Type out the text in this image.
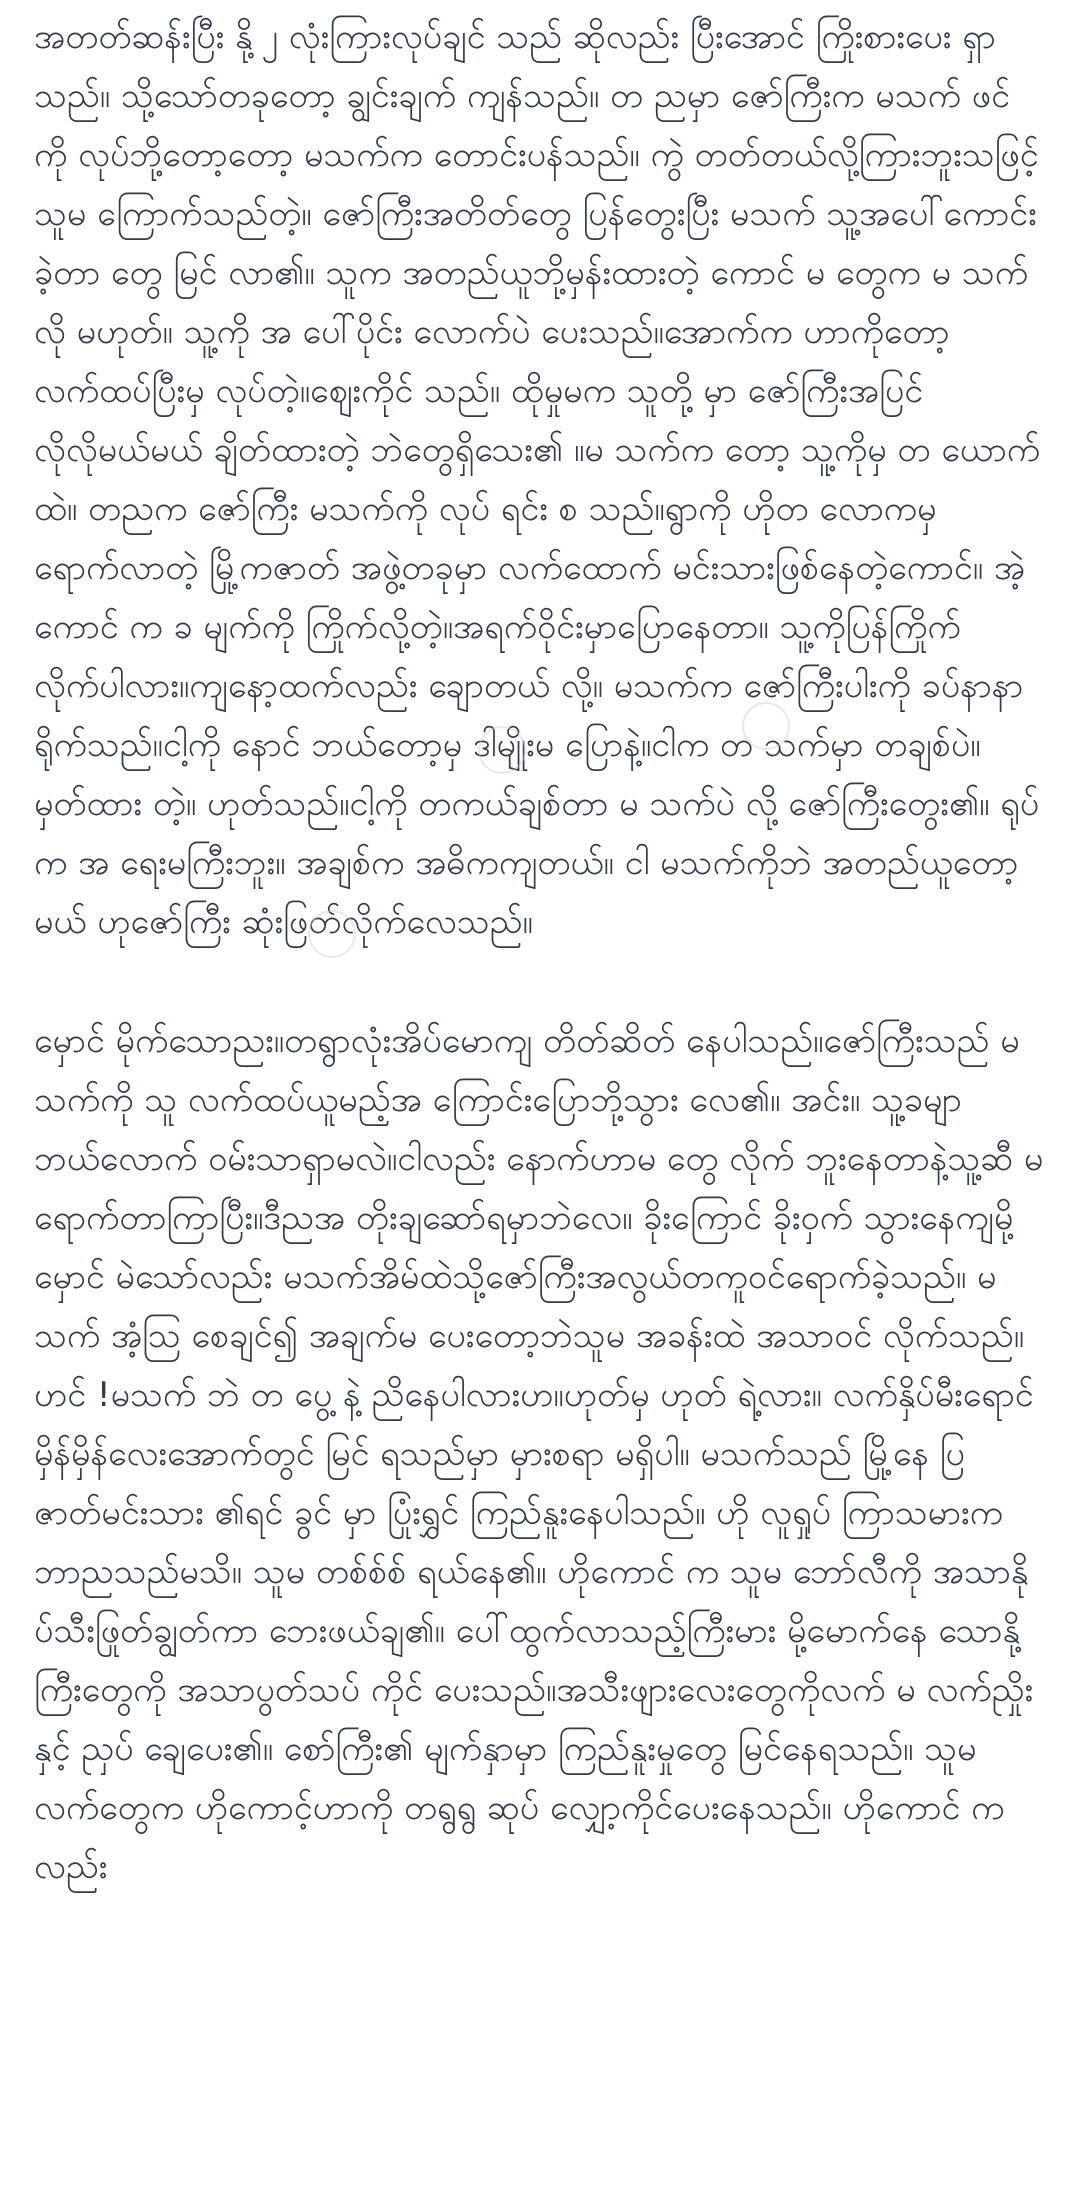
အတတ်ဆန်းပြီး နို့၂ လုံးကြားလုပ်ချင် သည် ဆိုလည်း ပြီးအောင် ကြိုးစားပေး ရှာ သည်။ သို့သော်တခုတော့ ချွင်းချက် ကျန်သည်။ တ ညမှာ ဇော်ကြီးက မသက် ဖင် ကို လုပ်ဘို့တော့တော့ မသက်က တောင်းပန်သည်။ ကွဲ တတ်တယ်လို့ကြားဘူးသဖြင့်သူမ ကြောက်သည်တဲ့။ ဇော်ကြီးအတိတ်တွေ ပြန်တွေးပြီး မသက် သူ့အပေါ်ကောင်းခဲ့တာ တွေ မြင် လာ၏။ သူက အတည်ယူဘို့မှန်းထားတဲ့ ကောင် မ တွေက မ သက်လို မဟုတ်။ သူ့ကို အ ပေါ်ပိုင်း လောက်ပဲ ပေးသည်။အောက်က ဟာကိုတော့ လက်ထပ်ပြီးမှ လုပ်တဲ့။ဈေးကိုင် သည်။ ထိုမှုမက သူတို့ မှာ ဇော်ကြီးအပြင် လိုလိုမယ်မယ် ချိတ်ထားတဲ့ ဘဲတွေရှိသေး၏ ။မ သက်က တော့ သူ့ကိုမှ တ ယောက်ထဲ။ တညက ဇော်ကြီး မသက်ကို လုပ် ရင်း စ သည်။ရွာကို ဟိုတ လောကမှ ရောက်လာတဲ့ မြို့ကဇာတ် အဖွဲ့တခုမှာ လက်ထောက် မင်းသားဖြစ်နေတဲ့ကောင်။ အဲ့ကောင် က ခ မျက်ကို ကြိုက်လို့တဲ့။အရက်ဝိုင်းမှာပြောနေတာ။ သူ့ကိုပြန်ကြိုက်လိုက်ပါလား။ကျနော့ထက်လည်း ချောတယ် လို့။ မသက်က ဇော်ကြီးပါးကို ခပ်နာနာ ရိုက်သည်။ငါ့ကို နောင် ဘယ်တော့မှ ဒါမျိုးမ ပြောနဲ့။ငါက တ သက်မှာ တချစ်ပဲ။ မှတ်ထား တဲ့။ ဟုတ်သည်။ငါ့ကို တကယ်ချစ်တာ မ သက်ပဲ လို့ ဇော်ကြီးတွေး၏။ ရုပ်က အ ရေးမကြီးဘူး။ အချစ်က အဓိကကျတယ်။ ငါ မသက်ကိုဘဲ အတည်ယူတော့မယ် ဟုဇော်ကြီး ဆုံးဖြတ်လိုက်လေသည်။

မှောင် မိုက်သောညး။တရွာလုံးအိပ်မောကျ တိတ်ဆိတ် နေပါသည်။ဇော်ကြီးသည် မသက်ကို သူ လက်ထပ်ယူမည့်အ ကြောင်းပြောဘို့သွား လေ၏။ အင်း။ သူ့ခမျာ ဘယ်လောက် ဝမ်းသာရှာမလဲ။ငါလည်း နောက်ဟာမ တွေ လိုက် ဘူးနေတာနဲ့သူ့ဆီ မ ရောက်တာကြာပြီး။ဒီညအ တိုးချဆော်ရမှာဘဲလေ။ ခိုးကြောင် ခိုးဝှက် သွားနေကျမို့မှောင် မဲသော်လည်း မသက်အိမ်ထဲသို့ဇော်ကြီးအလွယ်တကူဝင်ရောက်ခဲ့သည်။ မသက် အံ့သြ စေချင်၍ အချက်မ ပေးတော့ဘဲသူမ အခန်းထဲ အသာဝင် လိုက်သည်။ ဟင် !မသက် ဘဲ တ ပွေ့ နဲ့ ညိနေပါလားဟ။ဟုတ်မှ ဟုတ် ရဲ့လား။ လက်နှိပ်မီးရောင် မှိန်မှိန်လေးအောက်တွင် မြင် ရသည်မှာ မှားစရာ မရှိပါ။ မသက်သည် မြို့နေ ပြဇာတ်မင်းသား ၏ရင် ခွင် မှာ ပြုံးရွှင် ကြည်နူးနေပါသည်။ ဟို လူရှုပ် ကြာသမားက ဘာညသည်မသိ။ သူမ တစ်စ်စ် ရယ်နေ၏။ ဟိုကောင် က သူမ ဘော်လီကို အသာနိုပ်သီးဖြုတ်ချွတ်ကာ ဘေးဖယ်ချ၏။ ပေါ်ထွက်လာသည့်ကြီးမား မို့မောက်နေ သောနို့ကြီးတွေကို အသာပွတ်သပ် ကိုင် ပေးသည်။အသီးဖျားလေးတွေကိုလက် မ လက်ညှိုးနှင့် ညှပ် ချေပေး၏။ စော်ကြီး၏ မျက်နှာမှာ ကြည်နူးမှုတွေ မြင်နေရသည်။ သူမ လက်တွေက ဟိုကောင့်ဟာကို တရွရွ ဆုပ် လျှော့ကိုင်ပေးနေသည်။ ဟိုကောင် က လည်း
